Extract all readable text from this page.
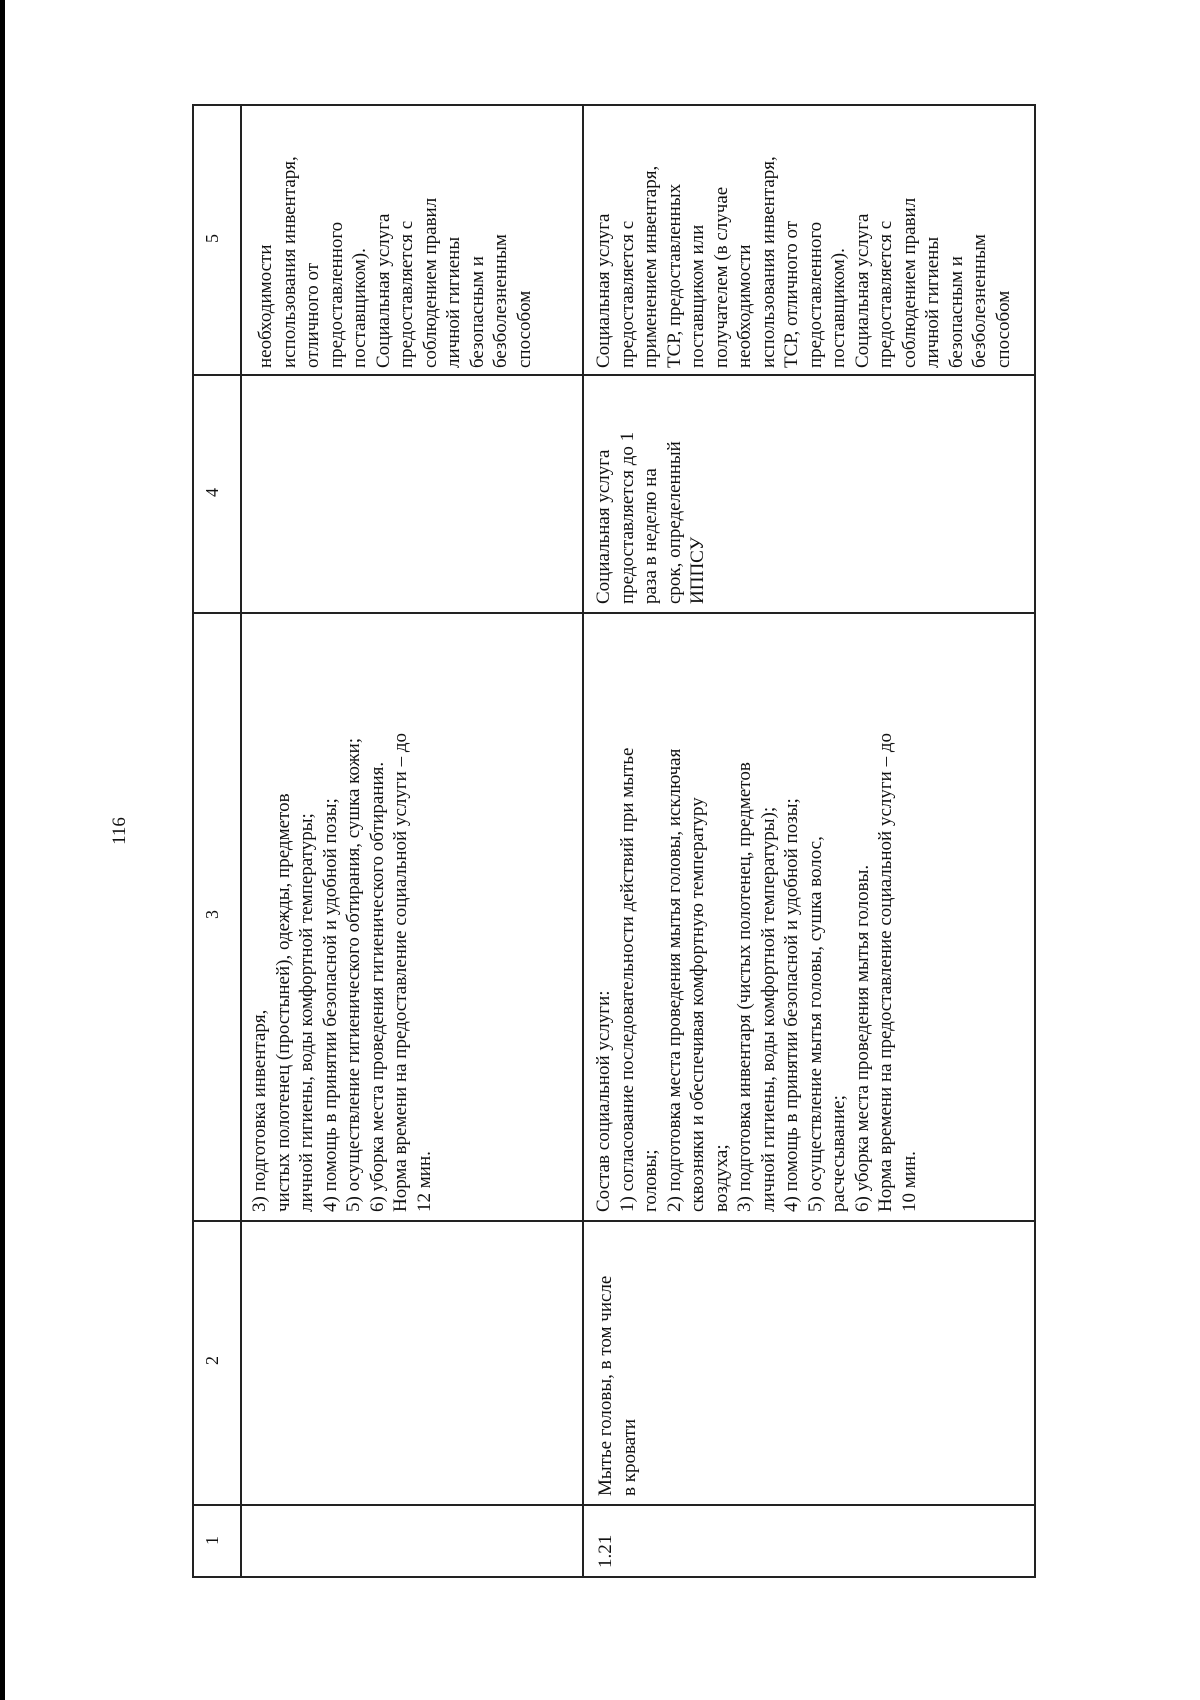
116
5
4
3
2
1
3) подготовка инвентаря,
чистых полотенец (простыней), одежды, предметов
личной гигиены, воды комфортной температуры;
4) помощь в принятии безопасной и удобной позы;
5) осуществление гигиенического обтирания, сушка кожи;
6) уборка места проведения гигиенического обтирания.
Норма времени на предоставление социальной услуги – до
12 мин.
необходимости
использования инвентаря,
отличного от
предоставленного
поставщиком).
Социальная услуга
предоставляется с
соблюдением правил
личной гигиены
безопасным и
безболезненным
способом
1.21
Мытье головы, в том числе
в кровати
Состав социальной услуги:
1) согласование последовательности действий при мытье
головы;
2) подготовка места проведения мытья головы, исключая
сквозняки и обеспечивая комфортную температуру
воздуха;
3) подготовка инвентаря (чистых полотенец, предметов
личной гигиены, воды комфортной температуры);
4) помощь в принятии безопасной и удобной позы;
5) осуществление мытья головы, сушка волос,
расчесывание;
6) уборка места проведения мытья головы.
Норма времени на предоставление социальной услуги – до
10 мин.
Социальная услуга
предоставляется до 1
раза в неделю на
срок, определенный
ИППСУ
Социальная услуга
предоставляется с
применением инвентаря,
ТСР, предоставленных
поставщиком или
получателем (в случае
необходимости
использования инвентаря,
ТСР, отличного от
предоставленного
поставщиком).
Социальная услуга
предоставляется с
соблюдением правил
личной гигиены
безопасным и
безболезненным
способом
